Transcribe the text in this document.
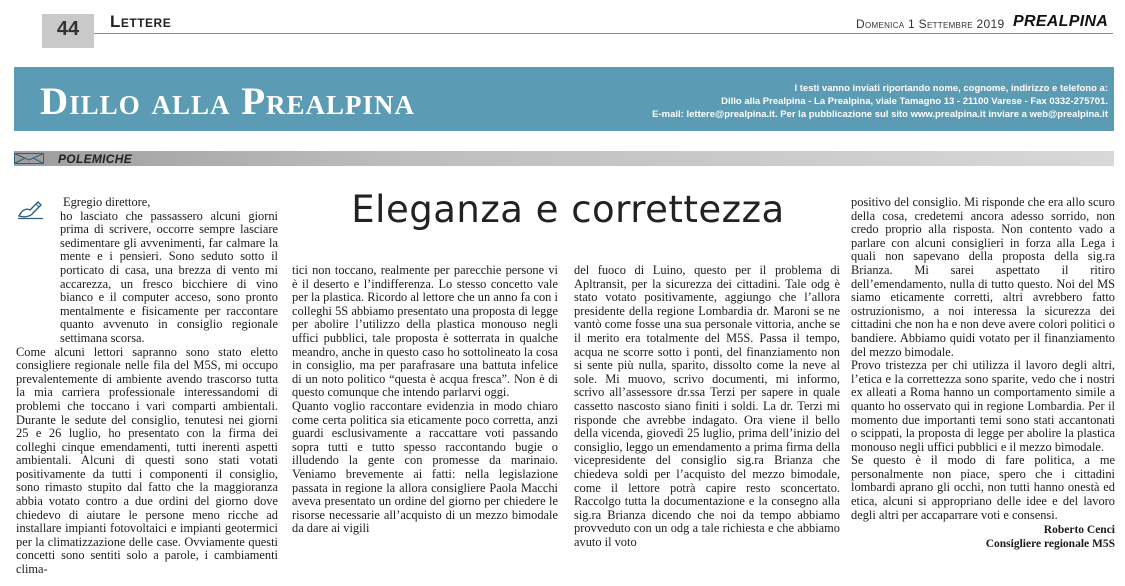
44	Lettere	Domenica 1 Settembre 2019 PREALPINA
Dillo alla Prealpina	I testi vanno inviati riportando nome, cognome, indirizzo e telefono a:
Dillo alla Prealpina - La Prealpina, viale Tamagno 13 - 21100 Varese - Fax 0332-275701.
E-mail: lettere@prealpina.it. Per la pubblicazione sul sito www.prealpina.it inviare a web@prealpina.it
POLEMICHE
Eleganza e correttezza

Egregio direttore,

ho lasciato che passassero alcuni giorni prima di scrivere, occorre sempre lasciare sedimentare gli avvenimenti, far calmare la mente e i pensieri. Sono seduto sotto il porticato di casa, una brezza di vento mi accarezza, un fresco bicchiere di vino bianco e il computer acceso, sono pronto mentalmente e fisicamente per raccontare quanto avvenuto in consiglio regionale settimana scorsa.

Come alcuni lettori sapranno sono stato eletto consigliere regionale nelle fila del M5S, mi occupo prevalentemente di ambiente avendo trascorso tutta la mia carriera professionale interessandomi di problemi che toccano i vari comparti ambientali. Durante le sedute del consiglio, tenutesi nei giorni 25 e 26 luglio, ho presentato con la firma dei colleghi cinque emendamenti, tutti inerenti aspetti ambientali. Alcuni di questi sono stati votati positivamente da tutti i componenti il consiglio, sono rimasto stupito dal fatto che la maggioranza abbia votato contro a due ordini del giorno dove chiedevo di aiutare le persone meno ricche ad installare impianti fotovoltaici e impianti geotermici per la climatizzazione delle case. Ovviamente questi concetti sono sentiti solo a parole, i cambiamenti clima-

tici non toccano, realmente per parecchie persone vi è il deserto e l’indifferenza. Lo stesso concetto vale per la plastica. Ricordo al lettore che un anno fa con i colleghi 5S abbiamo presentato una proposta di legge per abolire l’utilizzo della plastica monouso negli uffici pubblici, tale proposta è sotterrata in qualche meandro, anche in questo caso ho sottolineato la cosa in consiglio, ma per parafrasare una battuta infelice di un noto politico “questa è acqua fresca”. Non è di questo comunque che intendo parlarvi oggi.

Quanto voglio raccontare evidenzia in modo chiaro come certa politica sia eticamente poco corretta, anzi guardi esclusivamente a raccattare voti passando sopra tutti e tutto spesso raccontando bugie o illudendo la gente con promesse da marinaio. Veniamo brevemente ai fatti: nella legislazione passata in regione la allora consigliere Paola Macchi aveva presentato un ordine del giorno per chiedere le risorse necessarie all’acquisto di un mezzo bimodale da dare ai vigili

del fuoco di Luino, questo per il problema di Apltransit, per la sicurezza dei cittadini. Tale odg è stato votato positivamente, aggiungo che l’allora presidente della regione Lombardia dr. Maroni se ne vantò come fosse una sua personale vittoria, anche se il merito era totalmente del M5S. Passa il tempo, acqua ne scorre sotto i ponti, del finanziamento non si sente più nulla, sparito, dissolto come la neve al sole. Mi muovo, scrivo documenti, mi informo, scrivo all’assessore dr.ssa Terzi per sapere in quale cassetto nascosto siano finiti i soldi. La dr. Terzi mi risponde che avrebbe indagato. Ora viene il bello della vicenda, giovedì 25 luglio, prima dell’inizio del consiglio, leggo un emendamento a prima firma della vicepresidente del consiglio sig.ra Brianza che chiedeva soldi per l’acquisto del mezzo bimodale, come il lettore potrà capire resto sconcertato. Raccolgo tutta la documentazione e la consegno alla sig.ra Brianza dicendo che noi da tempo abbiamo provveduto con un odg a tale richiesta e che abbiamo avuto il voto

positivo del consiglio. Mi risponde che era allo scuro della cosa, credetemi ancora adesso sorrido, non credo proprio alla risposta. Non contento vado a parlare con alcuni consiglieri in forza alla Lega i quali non sapevano della proposta della sig.ra Brianza. Mi sarei aspettato il ritiro dell’emendamento, nulla di tutto questo. Noi del MS siamo eticamente corretti, altri avrebbero fatto ostruzionismo, a noi interessa la sicurezza dei cittadini che non ha e non deve avere colori politici o bandiere. Abbiamo quidi votato per il finanziamento del mezzo bimodale.

Provo tristezza per chi utilizza il lavoro degli altri, l’etica e la correttezza sono sparite, vedo che i nostri ex alleati a Roma hanno un comportamento simile a quanto ho osservato qui in regione Lombardia. Per il momento due importanti temi sono stati accantonati o scippati, la proposta di legge per abolire la plastica monouso negli uffici pubblici e il mezzo bimodale.

Se questo è il modo di fare politica, a me personalmente non piace, spero che i cittadini lombardi aprano gli occhi, non tutti hanno onestà ed etica, alcuni si appropriano delle idee e del lavoro degli altri per accaparrare voti e consensi.

Roberto Cenci
Consigliere regionale M5S
